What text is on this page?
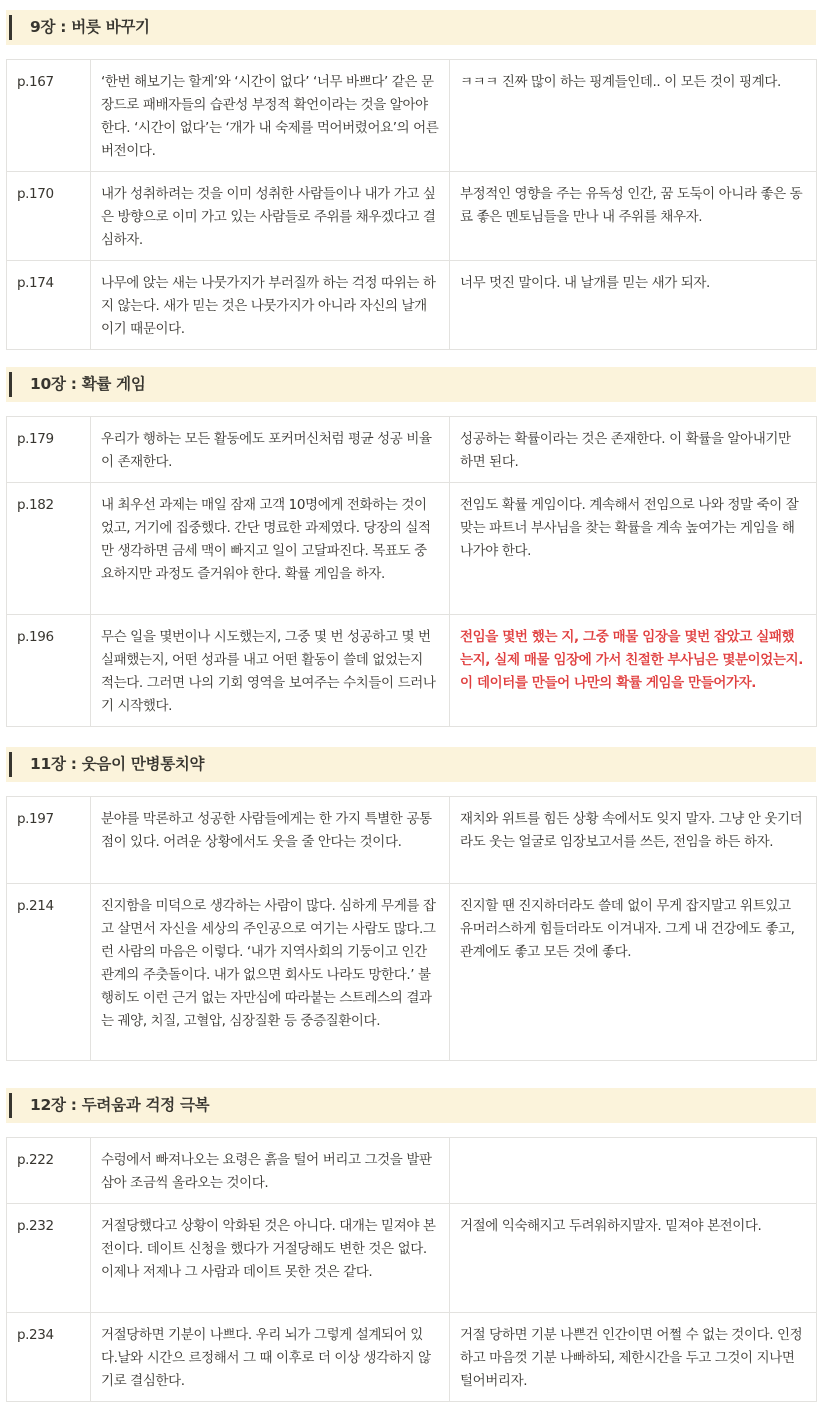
9장 : 버릇 바꾸기
p.167	‘한번 해보기는 할게’와 ‘시간이 없다’ ‘너무 바쁘다’ 같은 문장드로 패배자들의 습관성 부정적 확언이라는 것을 알아야 한다. ‘시간이 없다’는 ‘개가 내 숙제를 먹어버렸어요’의 어른 버전이다.	ㅋㅋㅋ 진짜 많이 하는 핑계들인데.. 이 모든 것이 핑계다.
p.170	내가 성취하려는 것을 이미 성취한 사람들이나 내가 가고 싶은 방향으로 이미 가고 있는 사람들로 주위를 채우겠다고 결심하자.	부정적인 영향을 주는 유독성 인간, 꿈 도둑이 아니라 좋은 동료 좋은 멘토님들을 만나 내 주위를 채우자.
p.174	나무에 앉는 새는 나뭇가지가 부러질까 하는 걱정 따위는 하지 않는다. 새가 믿는 것은 나뭇가지가 아니라 자신의 날개이기 때문이다.	너무 멋진 말이다. 내 날개를 믿는 새가 되자.
10장 : 확률 게임
p.179	우리가 행하는 모든 활동에도 포커머신처럼 평균 성공 비율이 존재한다.	성공하는 확률이라는 것은 존재한다. 이 확률을 알아내기만 하면 된다.
p.182	내 최우선 과제는 매일 잠재 고객 10명에게 전화하는 것이었고, 거기에 집중했다. 간단 명료한 과제였다. 당장의 실적만 생각하면 금세 맥이 빠지고 일이 고달파진다. 목표도 중요하지만 과정도 즐거워야 한다. 확률 게임을 하자.	전임도 확률 게임이다. 계속해서 전임으로 나와 정말 죽이 잘맞는 파트너 부사님을 찾는 확률을 계속 높여가는 게임을 해나가야 한다.
p.196	무슨 일을 몇번이나 시도했는지, 그중 몇 번 성공하고 몇 번 실패했는지, 어떤 성과를 내고 어떤 활동이 쓸데 없었는지 적는다. 그러면 나의 기회 영역을 보여주는 수치들이 드러나기 시작했다.	전임을 몇번 했는 지, 그중 매물 임장을 몇번 잡았고 실패했는지, 실제 매물 임장에 가서 친절한 부사님은 몇분이었는지. 이 데이터를 만들어 나만의 확률 게임을 만들어가자.
11장 : 웃음이 만병통치약
p.197	분야를 막론하고 성공한 사람들에게는 한 가지 특별한 공통점이 있다. 어려운 상황에서도 웃을 줄 안다는 것이다.	재치와 위트를 힘든 상황 속에서도 잊지 말자. 그냥 안 웃기더라도 웃는 얼굴로 임장보고서를 쓰든, 전임을 하든 하자.
p.214	진지함을 미덕으로 생각하는 사람이 많다. 심하게 무게를 잡고 살면서 자신을 세상의 주인공으로 여기는 사람도 많다.그런 사람의 마음은 이렇다. ‘내가 지역사회의 기둥이고 인간관계의 주춧돌이다. 내가 없으면 회사도 나라도 망한다.’ 불행히도 이런 근거 없는 자만심에 따라붙는 스트레스의 결과는 궤양, 치질, 고혈압, 심장질환 등 중증질환이다.	진지할 땐 진지하더라도 쓸데 없이 무게 잡지말고 위트있고 유머러스하게 힘들더라도 이겨내자. 그게 내 건강에도 좋고, 관계에도 좋고 모든 것에 좋다.
12장 : 두려움과 걱정 극복
p.222	수렁에서 빠져나오는 요령은 흙을 털어 버리고 그것을 발판 삼아 조금씩 올라오는 것이다.	
p.232	거절당했다고 상황이 악화된 것은 아니다. 대개는 밑져야 본전이다. 데이트 신청을 했다가 거절당해도 변한 것은 없다. 이제나 저제나 그 사람과 데이트 못한 것은 같다.	거절에 익숙해지고 두려워하지말자. 밑져야 본전이다.
p.234	거절당하면 기분이 나쁘다. 우리 뇌가 그렇게 설계되어 있다.날와 시간으 르정해서 그 때 이후로 더 이상 생각하지 않기로 결심한다.	거절 당하면 기분 나쁜건 인간이면 어쩔 수 없는 것이다. 인정하고 마음껏 기분 나빠하되, 제한시간을 두고 그것이 지나면 털어버리자.
